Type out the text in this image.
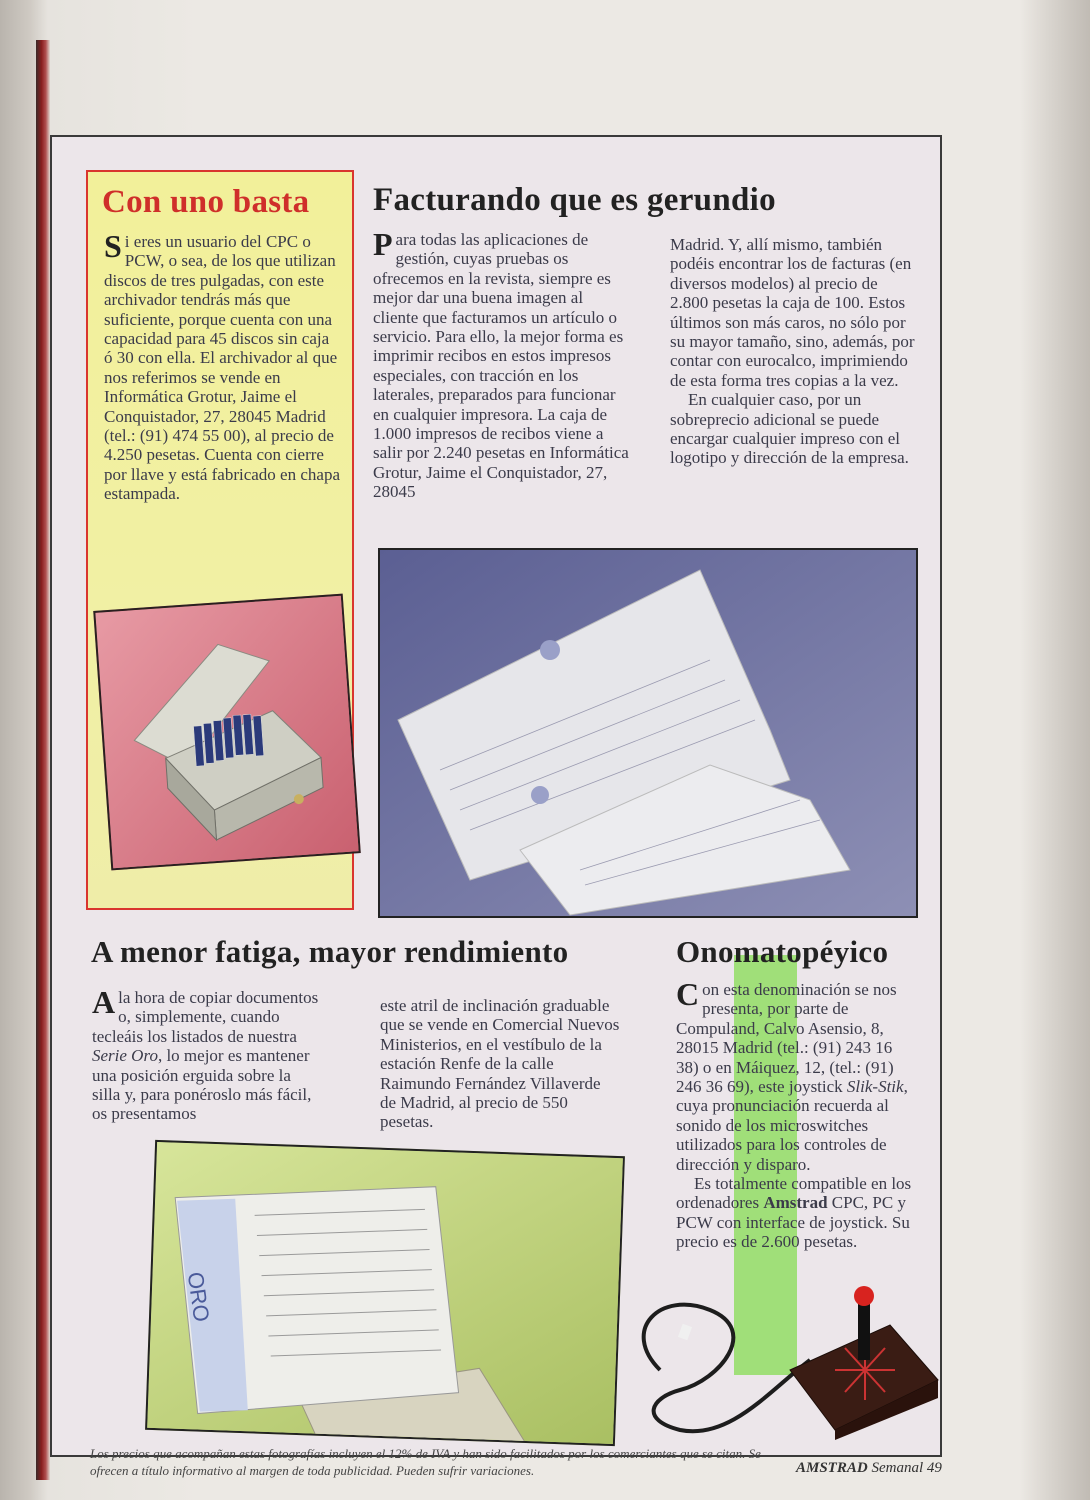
Con uno basta

Si eres un usuario del CPC o PCW, o sea, de los que utilizan discos de tres pulgadas, con este archivador tendrás más que suficiente, porque cuenta con una capacidad para 45 discos sin caja ó 30 con ella. El archivador al que nos referimos se vende en Informática Grotur, Jaime el Conquistador, 27, 28045 Madrid (tel.: (91) 474 55 00), al precio de 4.250 pesetas. Cuenta con cierre por llave y está fabricado en chapa estampada.

Facturando que es gerundio

Para todas las aplicaciones de gestión, cuyas pruebas os ofrecemos en la revista, siempre es mejor dar una buena imagen al cliente que facturamos un artículo o servicio. Para ello, la mejor forma es imprimir recibos en estos impresos especiales, con tracción en los laterales, preparados para funcionar en cualquier impresora. La caja de 1.000 impresos de recibos viene a salir por 2.240 pesetas en Informática Grotur, Jaime el Conquistador, 27, 28045

Madrid. Y, allí mismo, también podéis encontrar los de facturas (en diversos modelos) al precio de 2.800 pesetas la caja de 100. Estos últimos son más caros, no sólo por su mayor tamaño, sino, además, por contar con eurocalco, imprimiendo de esta forma tres copias a la vez.

En cualquier caso, por un sobreprecio adicional se puede encargar cualquier impreso con el logotipo y dirección de la empresa.

A menor fatiga, mayor rendimiento

A la hora de copiar documentos o, simplemente, cuando tecleáis los listados de nuestra Serie Oro, lo mejor es mantener una posición erguida sobre la silla y, para ponéroslo más fácil, os presentamos

este atril de inclinación graduable que se vende en Comercial Nuevos Ministerios, en el vestíbulo de la estación Renfe de la calle Raimundo Fernández Villaverde de Madrid, al precio de 550 pesetas.

ORO
Onomatopéyico

Con esta denominación se nos presenta, por parte de Compuland, Calvo Asensio, 8, 28015 Madrid (tel.: (91) 243 16 38) o en Máiquez, 12, (tel.: (91) 246 36 69), este joystick Slik-Stik, cuya pronunciación recuerda al sonido de los microswitches utilizados para los controles de dirección y disparo.

Es totalmente compatible en los ordenadores Amstrad CPC, PC y PCW con interface de joystick. Su precio es de 2.600 pesetas.

Los precios que acompañan estas fotografías incluyen el 12% de IVA y han sido facilitados por los comerciantes que se citan. Se ofrecen a título informativo al margen de toda publicidad. Pueden sufrir variaciones.	AMSTRAD Semanal 49
